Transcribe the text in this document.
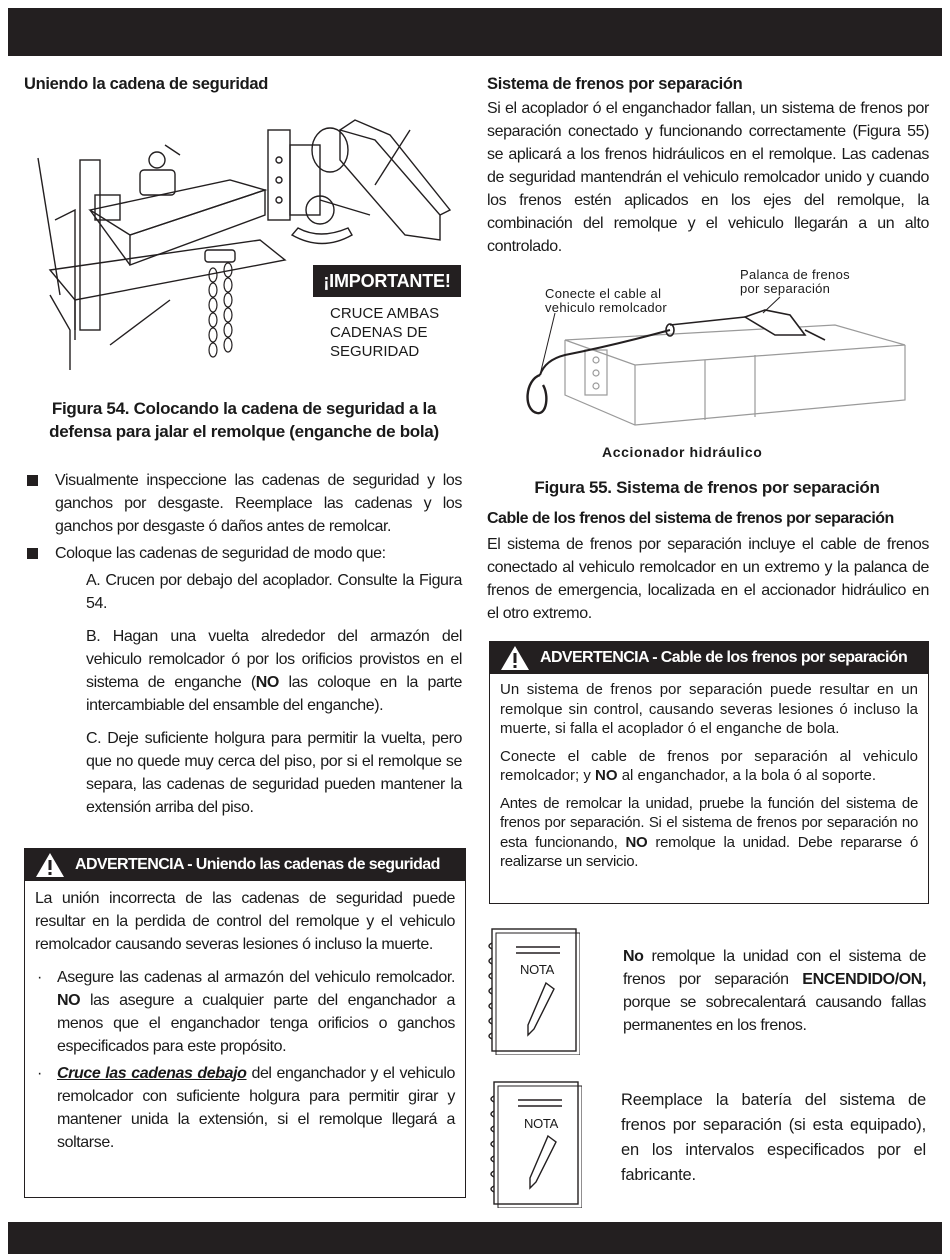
Uniendo la cadena de seguridad
¡IMPORTANTE!
CRUCE AMBAS
CADENAS DE
SEGURIDAD
Figura 54. Colocando la cadena de seguridad a la
defensa para jalar el remolque (enganche de bola)
Visualmente inspeccione las cadenas de seguridad y los ganchos por desgaste. Reemplace las cadenas y los ganchos por desgaste ó daños antes de remolcar.
Coloque las cadenas de seguridad de modo que:
A. Crucen por debajo del acoplador. Consulte la Figura 54.
B. Hagan una vuelta alrededor del armazón del vehiculo remolcador ó por los orificios provistos en el sistema de enganche (NO las coloque en la parte intercambiable del ensamble del enganche).
C. Deje suficiente holgura para permitir la vuelta, pero que no quede muy cerca del piso, por si el remolque se separa, las cadenas de seguridad pueden mantener la extensión arriba del piso.
ADVERTENCIA - Uniendo las cadenas de seguridad

La unión incorrecta de las cadenas de seguridad puede resultar en la perdida de control del remolque y el vehiculo remolcador causando severas lesiones ó incluso la muerte.

· Asegure las cadenas al armazón del vehiculo remolcador. NO las asegure a cualquier parte del enganchador a menos que el enganchador tenga orificios o ganchos especificados para este propósito.

· Cruce las cadenas debajo del enganchador y el vehiculo remolcador con suficiente holgura para permitir girar y mantener unida la extensión, si el remolque llegará a soltarse.

Sistema de frenos por separación

Si el acoplador ó el enganchador fallan, un sistema de frenos por separación conectado y funcionando correctamente (Figura 55) se aplicará a los frenos hidráulicos en el remolque. Las cadenas de seguridad mantendrán el vehiculo remolcador unido y cuando los frenos estén aplicados en los ejes del remolque, la combinación del remolque y el vehiculo llegarán a un alto controlado.

Conecte el cable al
vehiculo remolcador
Palanca de frenos
por separación
Accionador hidráulico
Figura 55. Sistema de frenos por separación
Cable de los frenos del sistema de frenos por separación

El sistema de frenos por separación incluye el cable de frenos conectado al vehiculo remolcador en un extremo y la palanca de frenos de emergencia, localizada en el accionador hidráulico en el otro extremo.

ADVERTENCIA - Cable de los frenos por separación

Un sistema de frenos por separación puede resultar en un remolque sin control, causando severas lesiones ó incluso la muerte, si falla el acoplador ó el enganche de bola.

Conecte el cable de frenos por separación al vehiculo remolcador; y NO al enganchador, a la bola ó al soporte.

Antes de remolcar la unidad, pruebe la función del sistema de frenos por separación. Si el sistema de frenos por separación no esta funcionando, NO remolque la unidad. Debe repararse ó realizarse un servicio.

NOTA

No remolque la unidad con el sistema de frenos por separación ENCENDIDO/ON, porque se sobrecalentará causando fallas permanentes en los frenos.

NOTA

Reemplace la batería del sistema de frenos por separación (si esta equipado), en los intervalos especificados por el fabricante.
